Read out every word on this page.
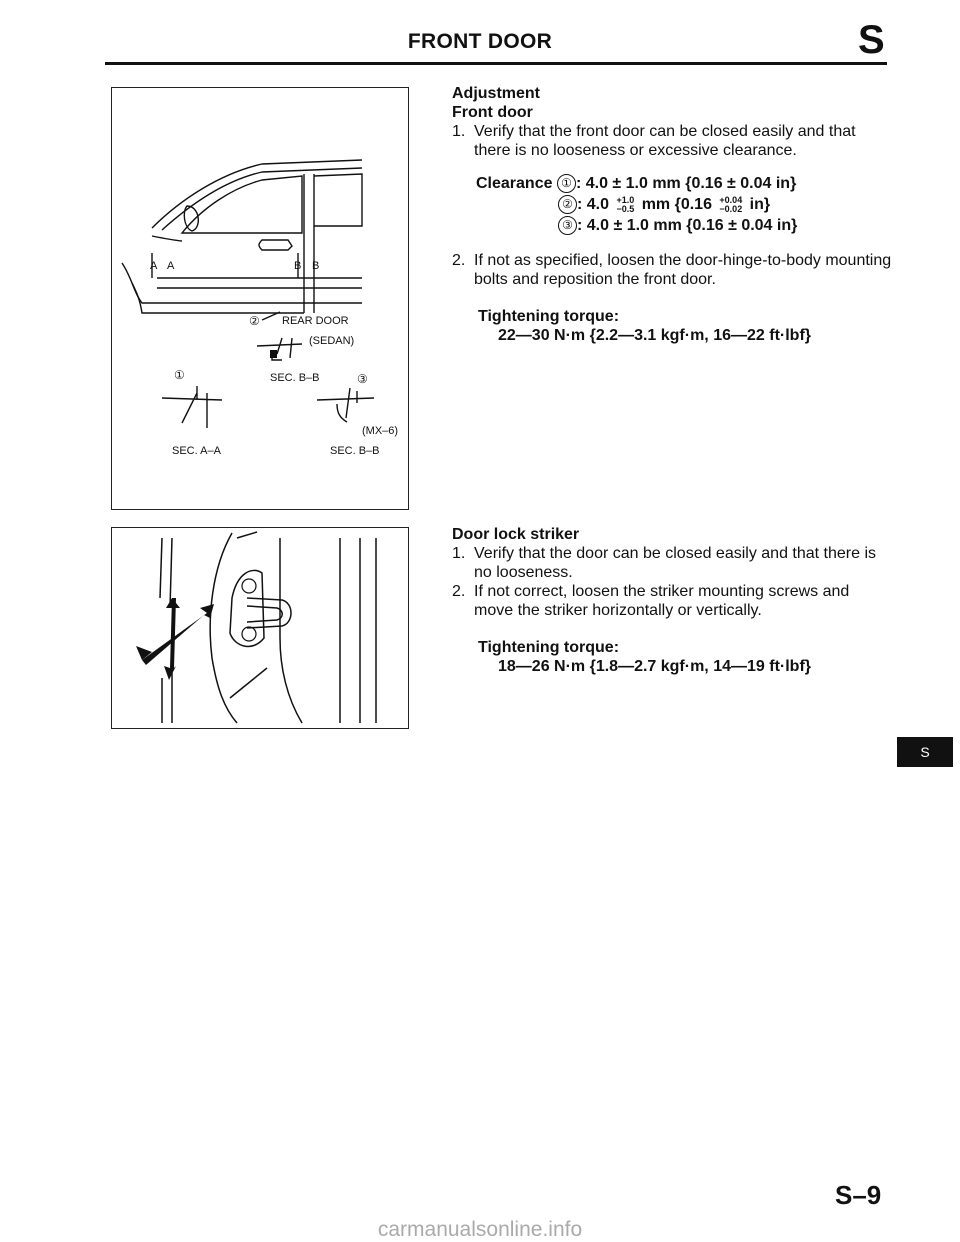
FRONT DOOR	S
A A	B B
② REAR DOOR
(SEDAN)
①	SEC. B–B	③
(MX–6)
SEC. A–A	SEC. B–B
Adjustment
Front door
1. Verify that the front door can be closed easily and that there is no looseness or excessive clearance.
Clearance ① : 4.0 ± 1.0 mm {0.16 ± 0.04 in}
② : 4.0 +1.0
−0.5 mm {0.16 +0.04
−0.02 in}
③ : 4.0 ± 1.0 mm {0.16 ± 0.04 in}
2. If not as specified, loosen the door-hinge-to-body mounting bolts and reposition the front door.
Tightening torque:
22—30 N·m {2.2—3.1 kgf·m, 16—22 ft·lbf}
Door lock striker
1. Verify that the door can be closed easily and that there is no looseness.
2. If not correct, loosen the striker mounting screws and move the striker horizontally or vertically.
Tightening torque:
18—26 N·m {1.8—2.7 kgf·m, 14—19 ft·lbf}
S
S–9
carmanualsonline.info
